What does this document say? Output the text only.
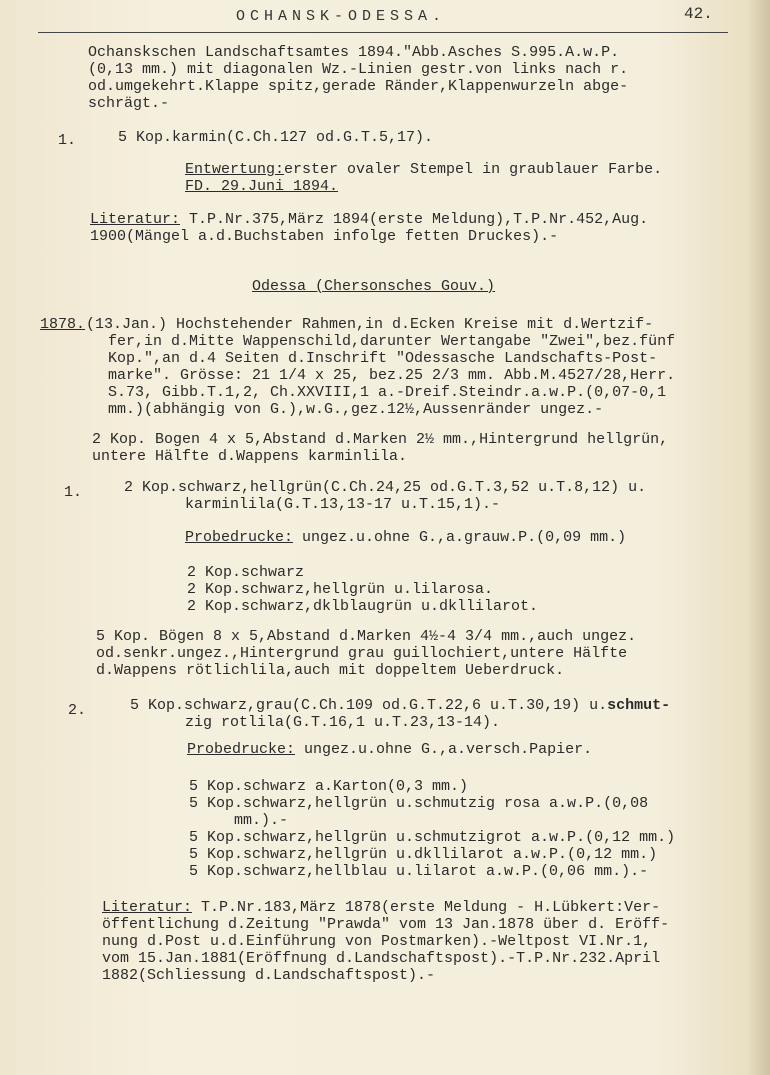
OCHANSK-ODESSA.	42.
Ochanskschen Landschaftsamtes 1894."Abb.Asches S.995.A.w.P.
(0,13 mm.) mit diagonalen Wz.-Linien gestr.von links nach r.
od.umgekehrt.Klappe spitz,gerade Ränder,Klappenwurzeln abge-
schrägt.-
1.	5 Kop.karmin(C.Ch.127 od.G.T.5,17).
Entwertung:erster ovaler Stempel in graublauer Farbe.
FD. 29.Juni 1894.
Literatur: T.P.Nr.375,März 1894(erste Meldung),T.P.Nr.452,Aug.
1900(Mängel a.d.Buchstaben infolge fetten Druckes).-
Odessa (Chersonsches Gouv.)
1878. (13.Jan.) Hochstehender Rahmen,in d.Ecken Kreise mit d.Wertzif-
fer,in d.Mitte Wappenschild,darunter Wertangabe "Zwei",bez.fünf
Kop.",an d.4 Seiten d.Inschrift "Odessasche Landschafts-Post-
marke". Grösse: 21 1/4 x 25, bez.25 2/3 mm. Abb.M.4527/28,Herr.
S.73, Gibb.T.1,2, Ch.XXVIII,1 a.-Dreif.Steindr.a.w.P.(0,07-0,1
mm.)(abhängig von G.),w.G.,gez.12½,Aussenränder ungez.-
2 Kop. Bogen 4 x 5,Abstand d.Marken 2½ mm.,Hintergrund hellgrün,
untere Hälfte d.Wappens karminlila.
1.	2 Kop.schwarz,hellgrün(C.Ch.24,25 od.G.T.3,52 u.T.8,12) u.
karminlila(G.T.13,13-17 u.T.15,1).-
Probedrucke: ungez.u.ohne G.,a.grauw.P.(0,09 mm.)
2 Kop.schwarz
2 Kop.schwarz,hellgrün u.lilarosa.
2 Kop.schwarz,dklblaugrün u.dkllilarot.
5 Kop. Bögen 8 x 5,Abstand d.Marken 4½-4 3/4 mm.,auch ungez.
od.senkr.ungez.,Hintergrund grau guillochiert,untere Hälfte
d.Wappens rötlichlila,auch mit doppeltem Ueberdruck.
2.	5 Kop.schwarz,grau(C.Ch.109 od.G.T.22,6 u.T.30,19) u.schmut-
zig rotlila(G.T.16,1 u.T.23,13-14).
Probedrucke: ungez.u.ohne G.,a.versch.Papier.
5 Kop.schwarz a.Karton(0,3 mm.)
5 Kop.schwarz,hellgrün u.schmutzig rosa a.w.P.(0,08
mm.).-
5 Kop.schwarz,hellgrün u.schmutzigrot a.w.P.(0,12 mm.)
5 Kop.schwarz,hellgrün u.dkllilarot a.w.P.(0,12 mm.)
5 Kop.schwarz,hellblau u.lilarot a.w.P.(0,06 mm.).-
Literatur: T.P.Nr.183,März 1878(erste Meldung - H.Lübkert:Ver-
öffentlichung d.Zeitung "Prawda" vom 13 Jan.1878 über d. Eröff-
nung d.Post u.d.Einführung von Postmarken).-Weltpost VI.Nr.1,
vom 15.Jan.1881(Eröffnung d.Landschaftspost).-T.P.Nr.232.April
1882(Schliessung d.Landschaftspost).-
